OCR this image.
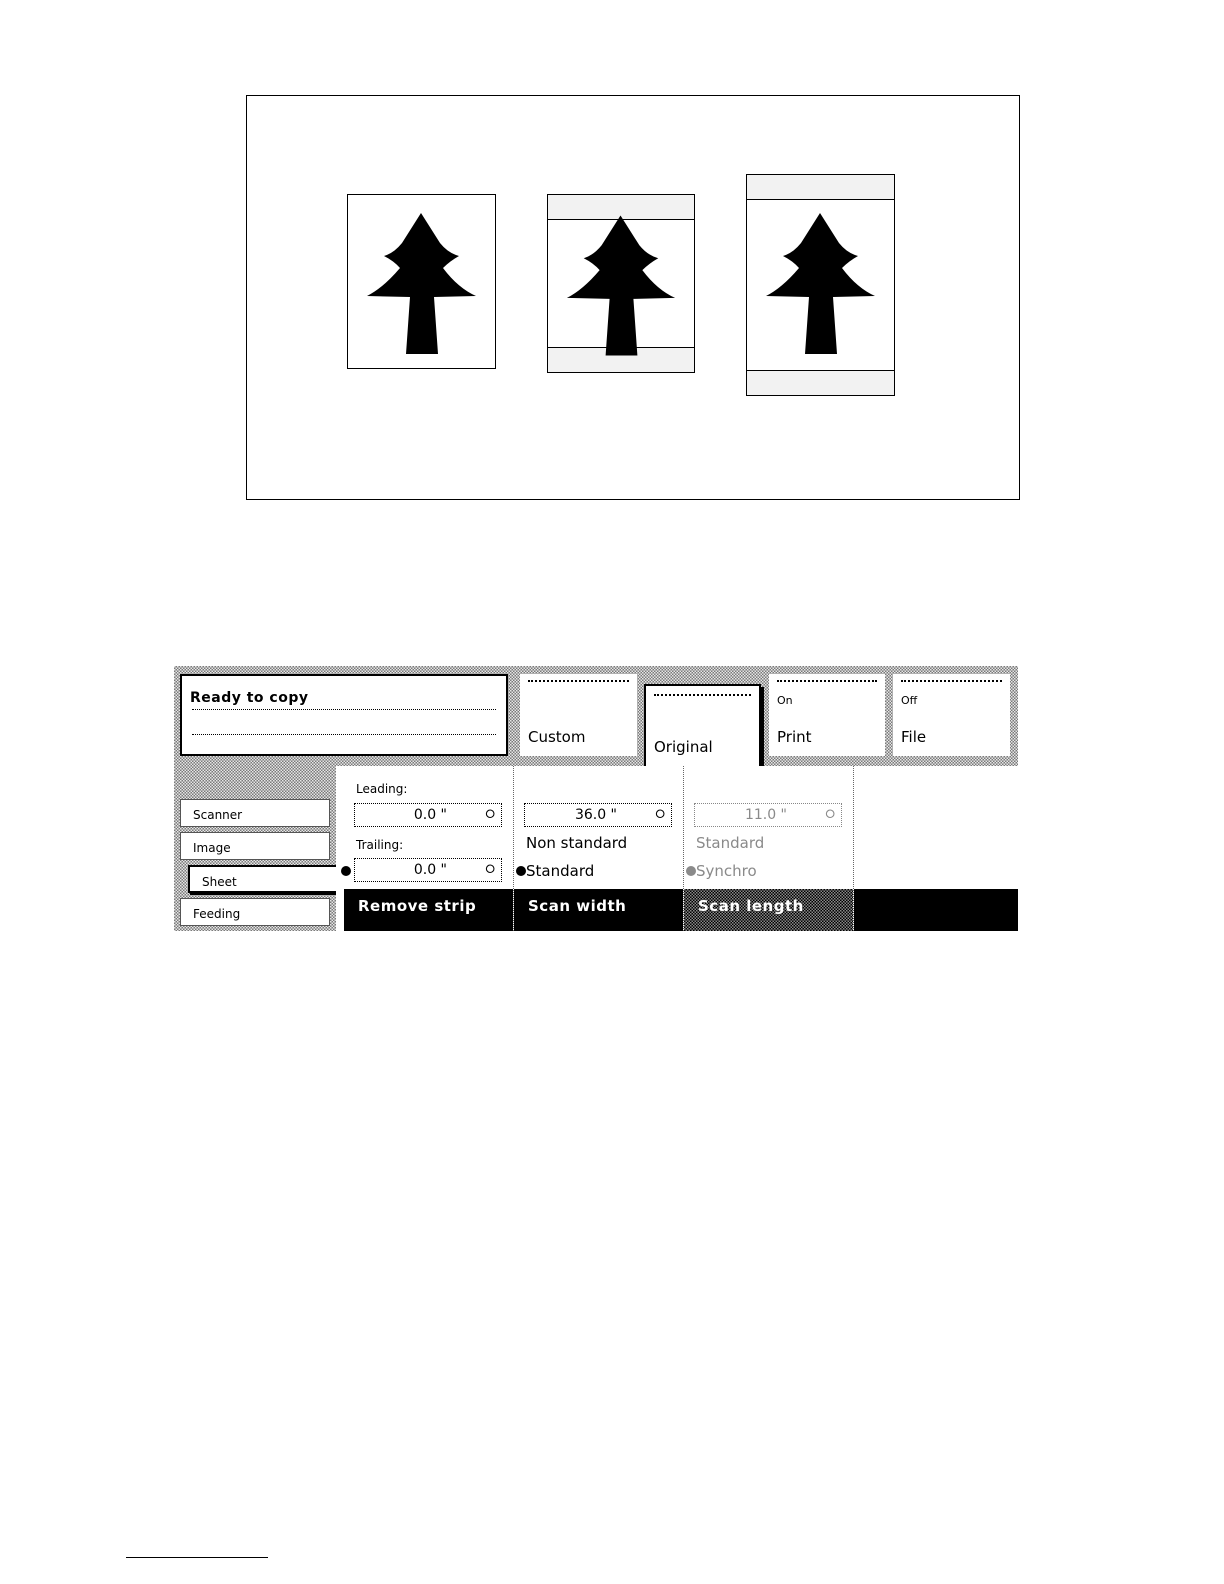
Ready to copy
Custom
Original
On
Print
Off
File
Scanner
Image
Sheet
Feeding
Leading:
0.0 "	⭘
Trailing:
0.0 "	⭘
Remove strip
36.0 "	⭘
Non standard
Standard
Scan width
11.0 "	⭘
Standard
Synchro
Scan length
